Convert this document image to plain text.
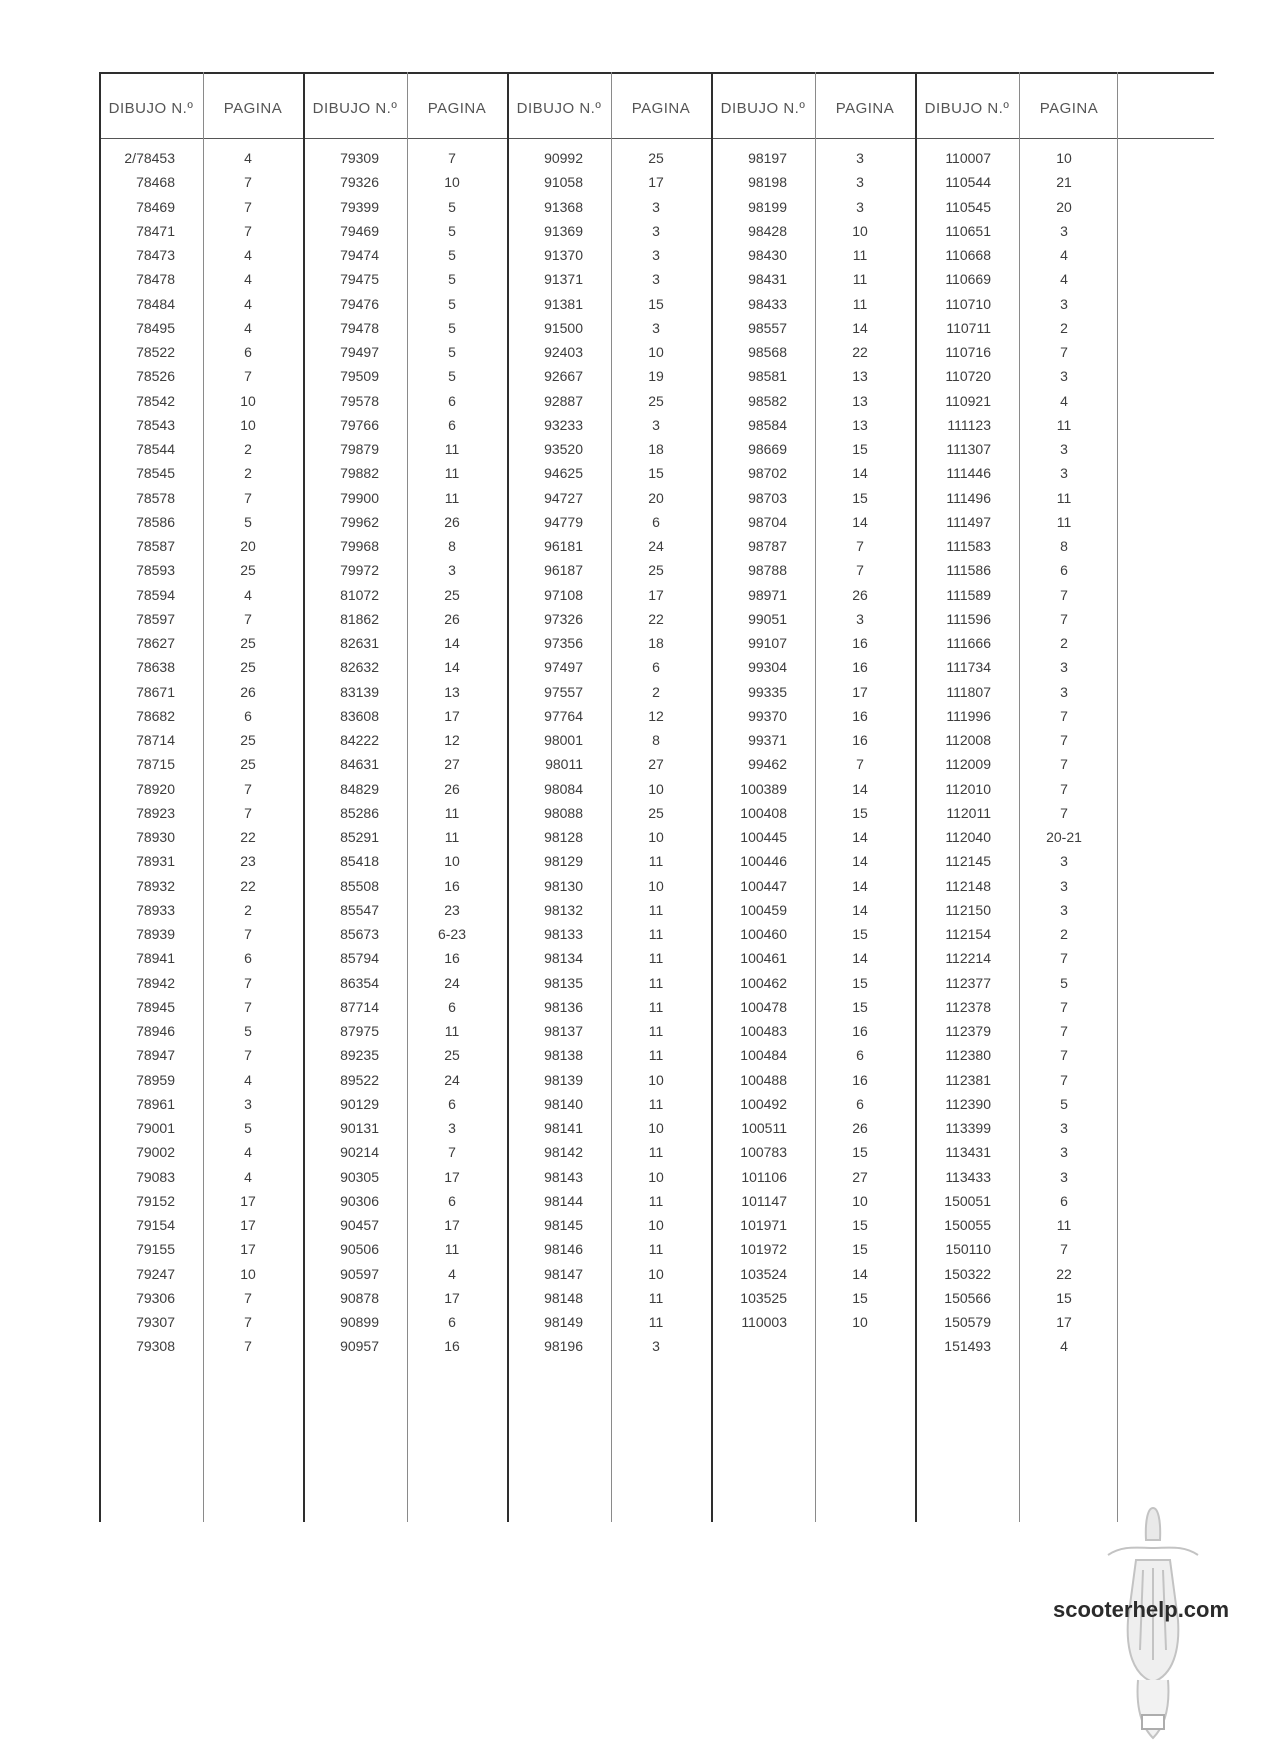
DIBUJO N.º	PAGINA
2/78453	4
78468	7
78469	7
78471	7
78473	4
78478	4
78484	4
78495	4
78522	6
78526	7
78542	10
78543	10
78544	2
78545	2
78578	7
78586	5
78587	20
78593	25
78594	4
78597	7
78627	25
78638	25
78671	26
78682	6
78714	25
78715	25
78920	7
78923	7
78930	22
78931	23
78932	22
78933	2
78939	7
78941	6
78942	7
78945	7
78946	5
78947	7
78959	4
78961	3
79001	5
79002	4
79083	4
79152	17
79154	17
79155	17
79247	10
79306	7
79307	7
79308	7
DIBUJO N.º	PAGINA
79309	7
79326	10
79399	5
79469	5
79474	5
79475	5
79476	5
79478	5
79497	5
79509	5
79578	6
79766	6
79879	11
79882	11
79900	11
79962	26
79968	8
79972	3
81072	25
81862	26
82631	14
82632	14
83139	13
83608	17
84222	12
84631	27
84829	26
85286	11
85291	11
85418	10
85508	16
85547	23
85673	6-23
85794	16
86354	24
87714	6
87975	11
89235	25
89522	24
90129	6
90131	3
90214	7
90305	17
90306	6
90457	17
90506	11
90597	4
90878	17
90899	6
90957	16
DIBUJO N.º	PAGINA
90992	25
91058	17
91368	3
91369	3
91370	3
91371	3
91381	15
91500	3
92403	10
92667	19
92887	25
93233	3
93520	18
94625	15
94727	20
94779	6
96181	24
96187	25
97108	17
97326	22
97356	18
97497	6
97557	2
97764	12
98001	8
98011	27
98084	10
98088	25
98128	10
98129	11
98130	10
98132	11
98133	11
98134	11
98135	11
98136	11
98137	11
98138	11
98139	10
98140	11
98141	10
98142	11
98143	10
98144	11
98145	10
98146	11
98147	10
98148	11
98149	11
98196	3
DIBUJO N.º	PAGINA
98197	3
98198	3
98199	3
98428	10
98430	11
98431	11
98433	11
98557	14
98568	22
98581	13
98582	13
98584	13
98669	15
98702	14
98703	15
98704	14
98787	7
98788	7
98971	26
99051	3
99107	16
99304	16
99335	17
99370	16
99371	16
99462	7
100389	14
100408	15
100445	14
100446	14
100447	14
100459	14
100460	15
100461	14
100462	15
100478	15
100483	16
100484	6
100488	16
100492	6
100511	26
100783	15
101106	27
101147	10
101971	15
101972	15
103524	14
103525	15
110003	10
DIBUJO N.º	PAGINA
110007	10
110544	21
110545	20
110651	3
110668	4
110669	4
110710	3
110711	2
110716	7
110720	3
110921	4
111123	11
111307	3
111446	3
111496	11
111497	11
111583	8
111586	6
111589	7
111596	7
111666	2
111734	3
111807	3
111996	7
112008	7
112009	7
112010	7
112011	7
112040	20-21
112145	3
112148	3
112150	3
112154	2
112214	7
112377	5
112378	7
112379	7
112380	7
112381	7
112390	5
113399	3
113431	3
113433	3
150051	6
150055	11
150110	7
150322	22
150566	15
150579	17
151493	4
scooterhelp.com
